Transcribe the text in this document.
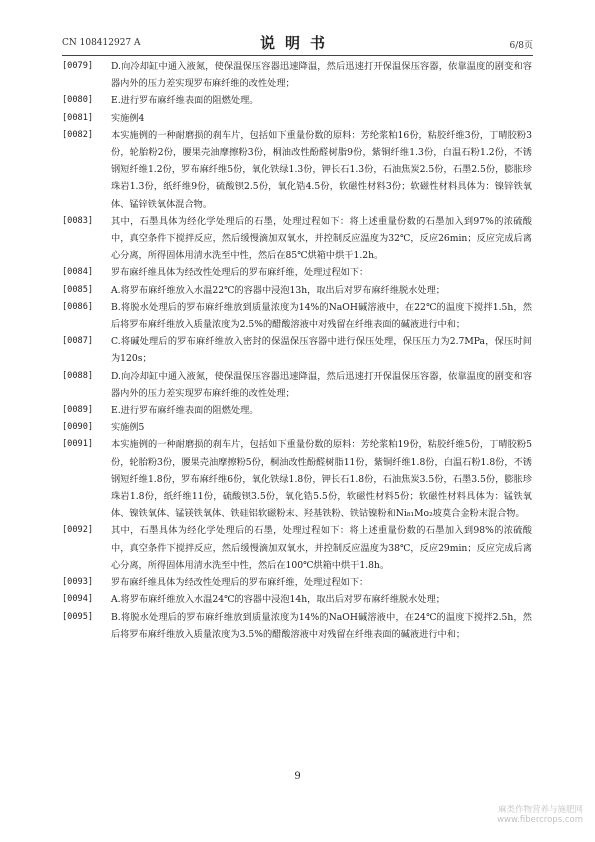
CN 108412927 A	说明书	6/8页
[0079]	D.向冷却缸中通入液氮，使保温保压容器迅速降温，然后迅速打开保温保压容器，依靠温度的剧变和容器内外的压力差实现罗布麻纤维的改性处理；
[0080]	E.进行罗布麻纤维表面的阻燃处理。
[0081]	实施例4
[0082]	本实施例的一种耐磨损的刹车片，包括如下重量份数的原料：芳纶浆粕16份，粘胶纤维3份，丁晴胶粉3份，轮胎粉2份，腰果壳油摩擦粉3份，桐油改性酚醛树脂9份，紫铜纤维1.3份，白温石粉1.2份，不锈钢短纤维1.2份，罗布麻纤维5份，氧化铁绿1.3份，钾长石1.3份，石油焦炭2.5份，石墨2.5份，膨胀珍珠岩1.3份，纸纤维9份，硫酸钡2.5份，氧化锆4.5份，软磁性材料3份；软磁性材料具体为：镍锌铁氧体、锰锌铁氧体混合物。
[0083]	其中，石墨具体为经化学处理后的石墨，处理过程如下：将上述重量份数的石墨加入到97%的浓硫酸中，真空条件下搅拌反应，然后缓慢滴加双氧水，并控制反应温度为32℃，反应26min；反应完成后离心分离，所得固体用清水洗至中性，然后在85℃烘箱中烘干1.2h。
[0084]	罗布麻纤维具体为经改性处理后的罗布麻纤维，处理过程如下：
[0085]	A.将罗布麻纤维放入水温22℃的容器中浸泡13h，取出后对罗布麻纤维脱水处理；
[0086]	B.将脱水处理后的罗布麻纤维放到质量浓度为14%的NaOH碱溶液中，在22℃的温度下搅拌1.5h，然后将罗布麻纤维放入质量浓度为2.5%的醋酸溶液中对残留在纤维表面的碱液进行中和；
[0087]	C.将碱处理后的罗布麻纤维放入密封的保温保压容器中进行保压处理，保压压力为2.7MPa，保压时间为120s；
[0088]	D.向冷却缸中通入液氮，使保温保压容器迅速降温，然后迅速打开保温保压容器，依靠温度的剧变和容器内外的压力差实现罗布麻纤维的改性处理；
[0089]	E.进行罗布麻纤维表面的阻燃处理。
[0090]	实施例5
[0091]	本实施例的一种耐磨损的刹车片，包括如下重量份数的原料：芳纶浆粕19份，粘胶纤维5份，丁晴胶粉5份，轮胎粉3份，腰果壳油摩擦粉5份，桐油改性酚醛树脂11份，紫铜纤维1.8份，白温石粉1.8份，不锈钢短纤维1.8份，罗布麻纤维6份，氧化铁绿1.8份，钾长石1.8份，石油焦炭3.5份，石墨3.5份，膨胀珍珠岩1.8份，纸纤维11份，硫酸钡3.5份，氧化锆5.5份，软磁性材料5份；软磁性材料具体为：锰铁氧体、镍铁氧体、锰镁铁氧体、铁硅铝软磁粉末、羟基铁粉、铁钴镍粉和Ni₈₁Mo₂坡莫合金粉末混合物。
[0092]	其中，石墨具体为经化学处理后的石墨，处理过程如下：将上述重量份数的石墨加入到98%的浓硫酸中，真空条件下搅拌反应，然后缓慢滴加双氧水，并控制反应温度为38℃，反应29min；反应完成后离心分离，所得固体用清水洗至中性，然后在100℃烘箱中烘干1.8h。
[0093]	罗布麻纤维具体为经改性处理后的罗布麻纤维，处理过程如下：
[0094]	A.将罗布麻纤维放入水温24℃的容器中浸泡14h，取出后对罗布麻纤维脱水处理；
[0095]	B.将脱水处理后的罗布麻纤维放到质量浓度为14%的NaOH碱溶液中，在24℃的温度下搅拌2.5h，然后将罗布麻纤维放入质量浓度为3.5%的醋酸溶液中对残留在纤维表面的碱液进行中和；
9
麻类作物营养与施肥网
www.fibercrops.com
